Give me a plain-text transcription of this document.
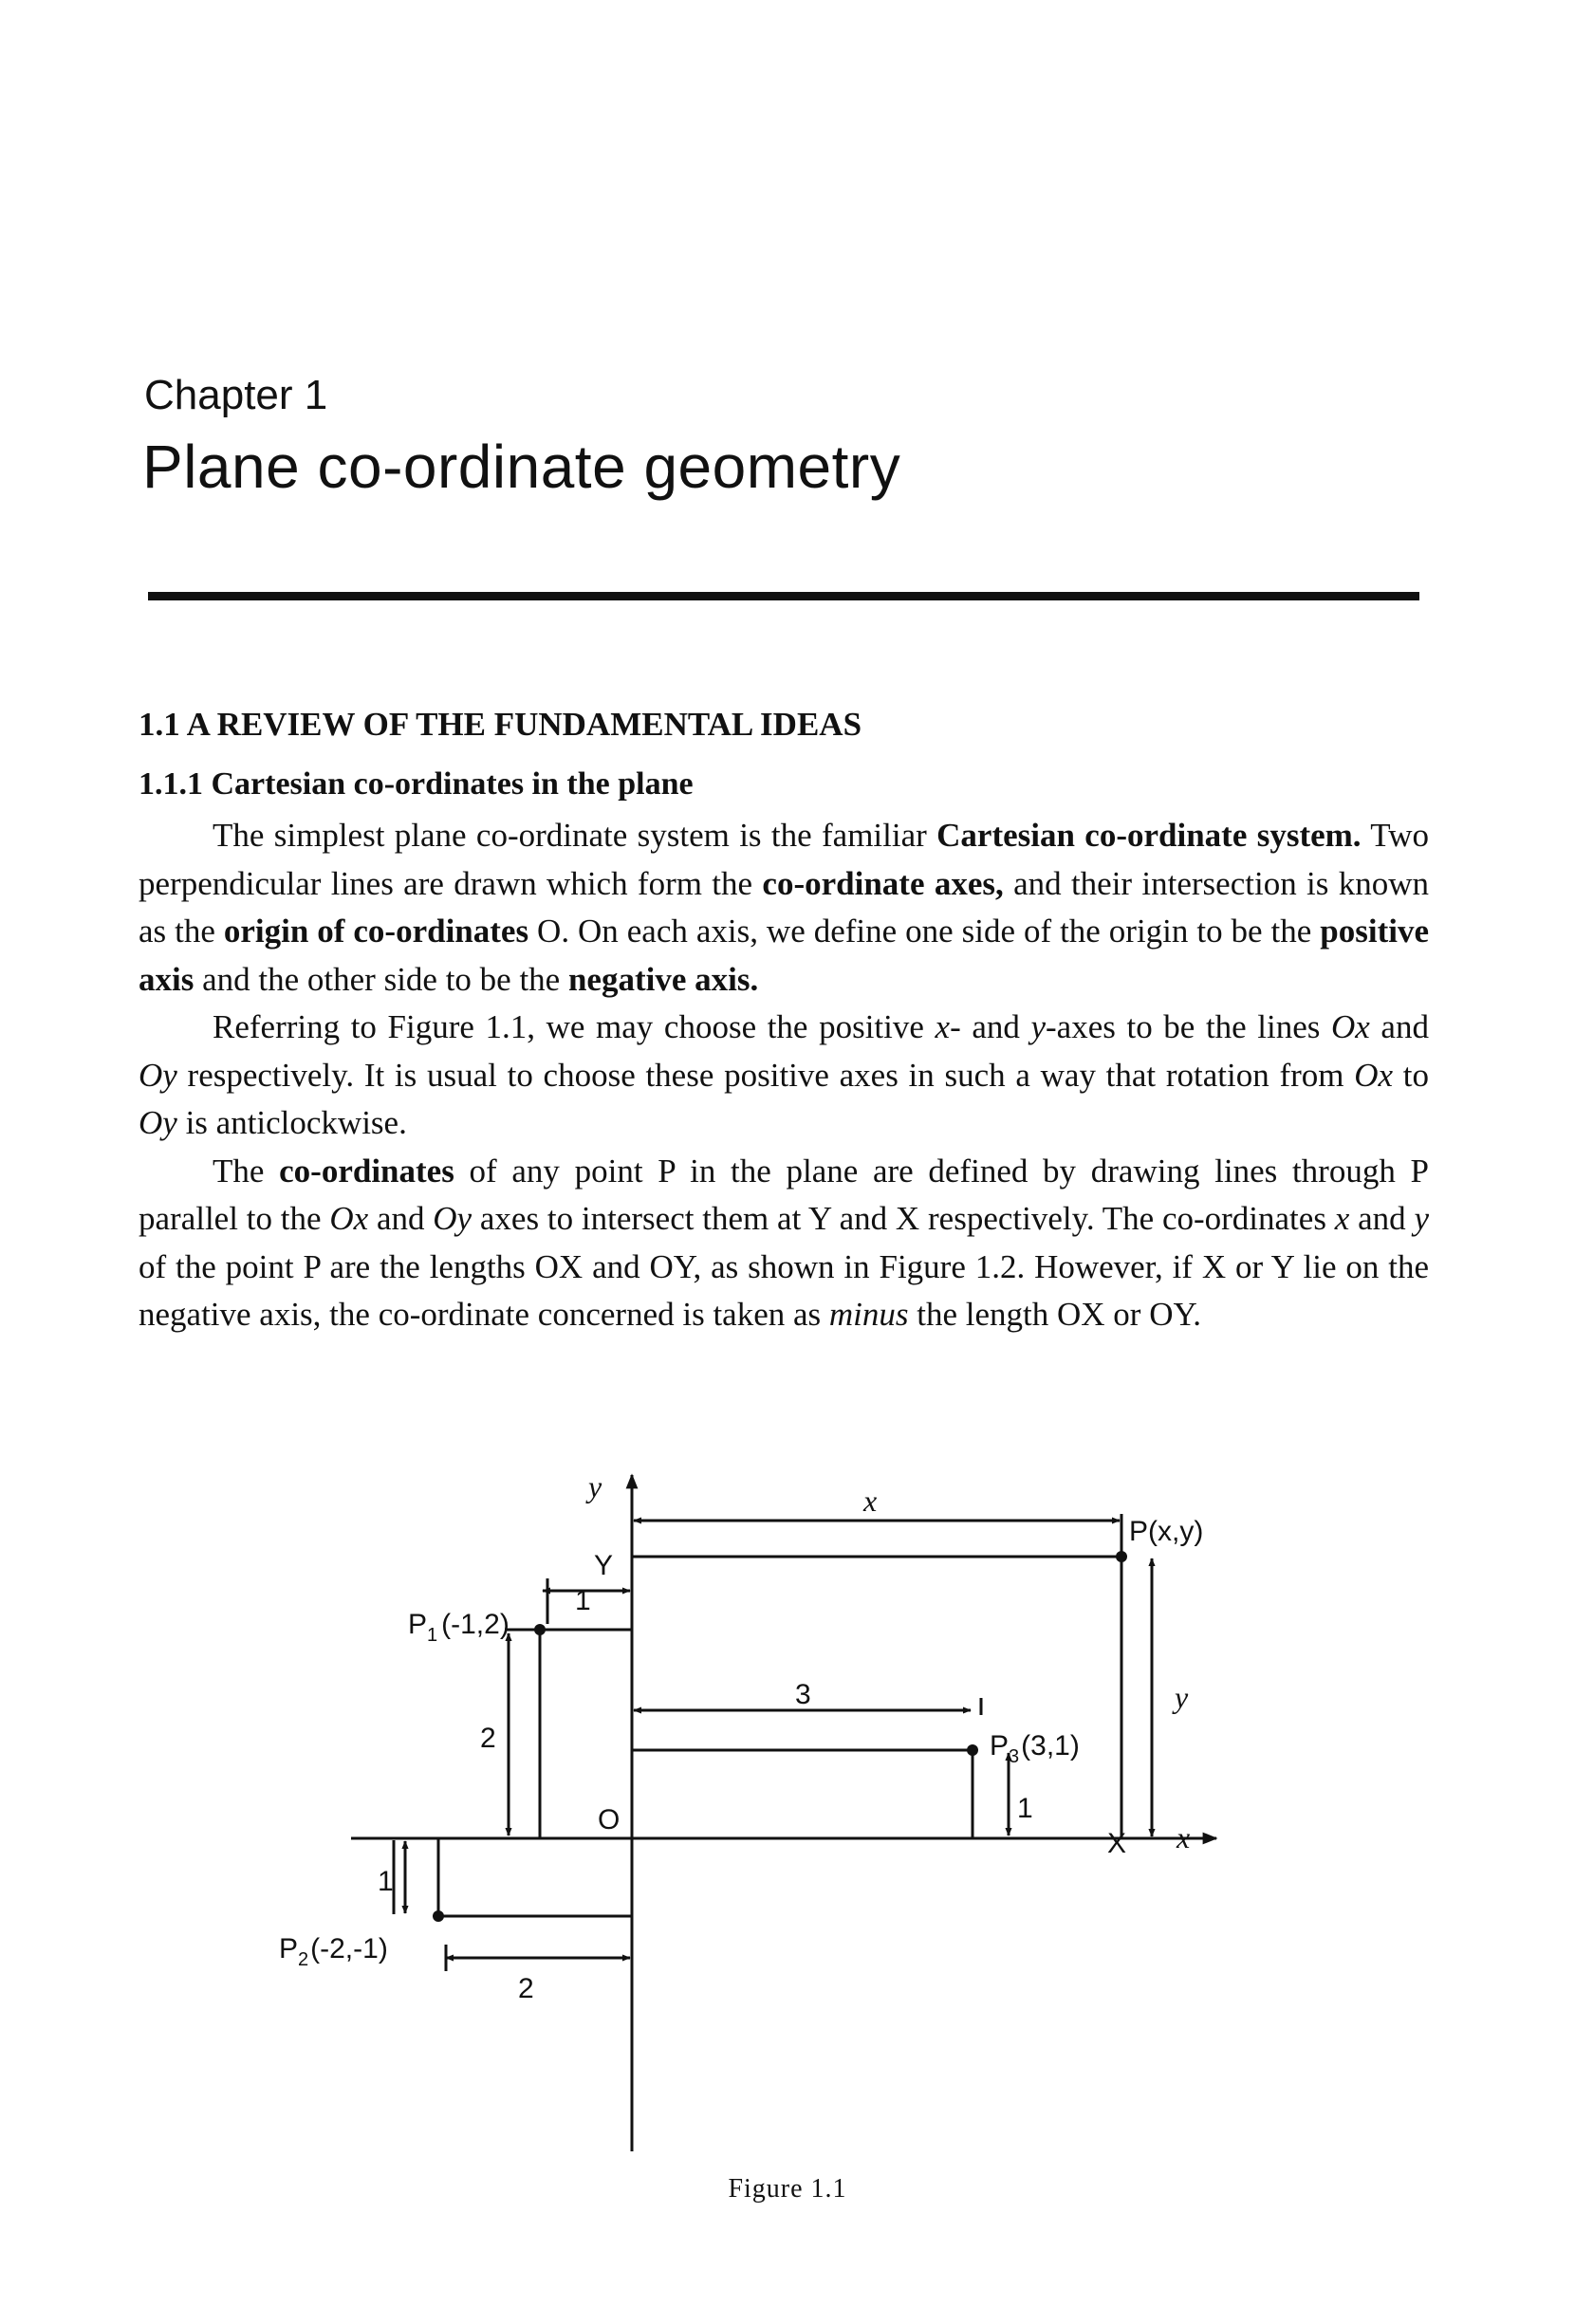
Chapter 1
Plane co-ordinate geometry
1.1 A REVIEW OF THE FUNDAMENTAL IDEAS
1.1.1 Cartesian co-ordinates in the plane

The simplest plane co-ordinate system is the familiar Cartesian co-ordinate system. Two perpendicular lines are drawn which form the co-ordinate axes, and their intersection is known as the origin of co-ordinates O. On each axis, we define one side of the origin to be the positive axis and the other side to be the negative axis.

Referring to Figure 1.1, we may choose the positive x- and y-axes to be the lines Ox and Oy respectively. It is usual to choose these positive axes in such a way that rotation from Ox to Oy is anticlockwise.

The co-ordinates of any point P in the plane are defined by drawing lines through P parallel to the Ox and Oy axes to intersect them at Y and X respectively. The co-ordinates x and y of the point P are the lengths OX and OY, as shown in Figure 1.2. However, if X or Y lie on the negative axis, the co-ordinate concerned is taken as minus the length OX or OY.

y
x
O
Y
X
P(x,y)
x
y
$P_1$ (-1,2)
1
2	$P_3(3,1)$
3
1
$P_2(-2,-1)$
2
1

Figure 1.1
